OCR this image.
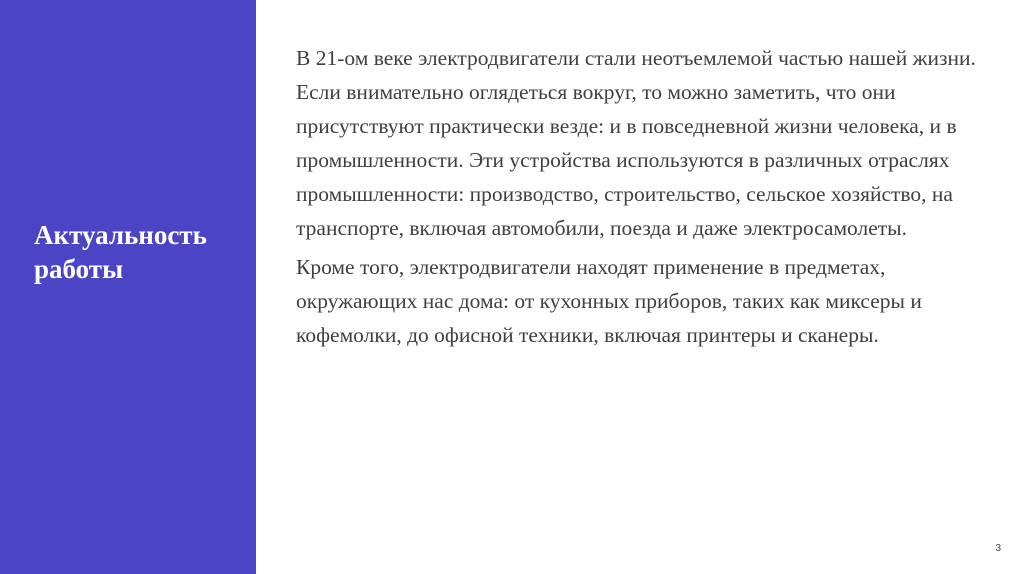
Актуальность работы

В 21-ом веке электродвигатели стали неотъемлемой частью нашей жизни. Если внимательно оглядеться вокруг, то можно заметить, что они присутствуют практически везде: и в повседневной жизни человека, и в промышленности. Эти устройства используются в различных отраслях промышленности: производство, строительство, сельское хозяйство, на транспорте, включая автомобили, поезда и даже электросамолеты.

Кроме того, электродвигатели находят применение в предметах, окружающих нас дома: от кухонных приборов, таких как миксеры и кофемолки, до офисной техники, включая принтеры и сканеры.

3
